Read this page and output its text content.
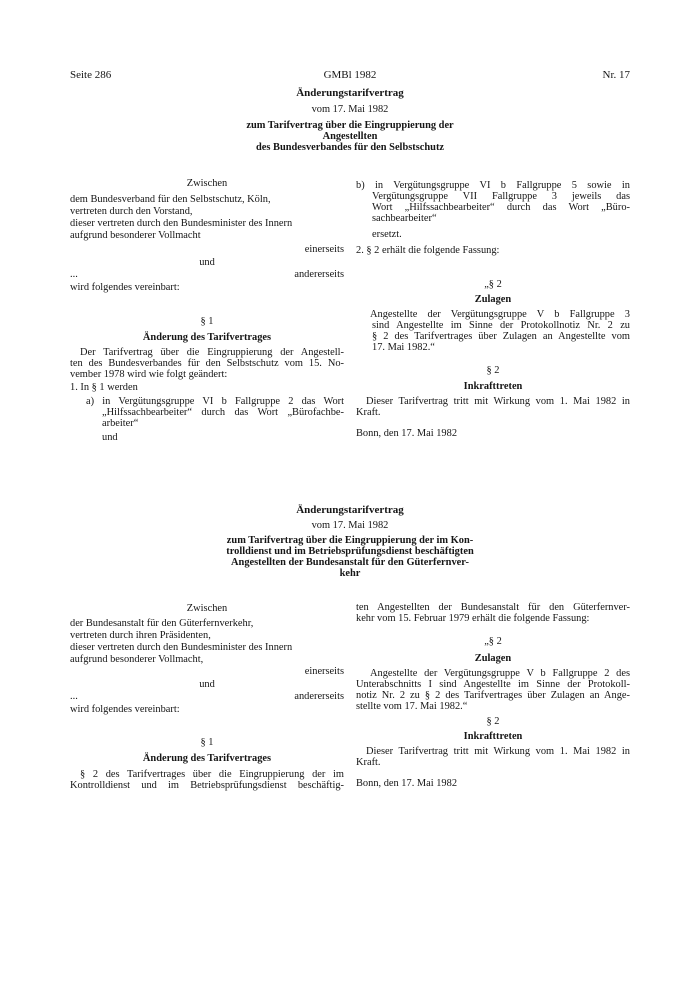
Seite 286	GMBl 1982	Nr. 17
Änderungstarifvertrag
vom 17. Mai 1982
zum Tarifvertrag über die Eingruppierung der
Angestellten
des Bundesverbandes für den Selbstschutz
Zwischen
dem Bundesverband für den Selbstschutz, Köln,
vertreten durch den Vorstand,
dieser vertreten durch den Bundesminister des Innern
aufgrund besonderer Vollmacht
einerseits
und
...	andererseits
wird folgendes vereinbart:
§ 1
Änderung des Tarifvertrages
Der Tarifvertrag über die Eingruppierung der Angestell-
ten des Bundesverbandes für den Selbstschutz vom 15. No-
vember 1978 wird wie folgt geändert:
1. In § 1 werden
a) in Vergütungsgruppe VI b Fallgruppe 2 das Wort
„Hilfssachbearbeiter“ durch das Wort „Bürofachbe-
arbeiter“
und
b) in Vergütungsgruppe VI b Fallgruppe 5 sowie in
Vergütungsgruppe VII Fallgruppe 3 jeweils das
Wort „Hilfssachbearbeiter“ durch das Wort „Büro-
sachbearbeiter“
ersetzt.
2. § 2 erhält die folgende Fassung:
„§ 2
Zulagen
Angestellte der Vergütungsgruppe V b Fallgruppe 3
sind Angestellte im Sinne der Protokollnotiz Nr. 2 zu
§ 2 des Tarifvertrages über Zulagen an Angestellte vom
17. Mai 1982.“
§ 2
Inkrafttreten
Dieser Tarifvertrag tritt mit Wirkung vom 1. Mai 1982 in
Kraft.
Bonn, den 17. Mai 1982
Änderungstarifvertrag
vom 17. Mai 1982
zum Tarifvertrag über die Eingruppierung der im Kon-
trolldienst und im Betriebsprüfungsdienst beschäftigten
Angestellten der Bundesanstalt für den Güterfernver-
kehr
Zwischen
der Bundesanstalt für den Güterfernverkehr,
vertreten durch ihren Präsidenten,
dieser vertreten durch den Bundesminister des Innern
aufgrund besonderer Vollmacht,
einerseits
und
...	andererseits
wird folgendes vereinbart:
§ 1
Änderung des Tarifvertrages
§ 2 des Tarifvertrages über die Eingruppierung der im
Kontrolldienst und im Betriebsprüfungsdienst beschäftig-
ten Angestellten der Bundesanstalt für den Güterfernver-
kehr vom 15. Februar 1979 erhält die folgende Fassung:
„§ 2
Zulagen
Angestellte der Vergütungsgruppe V b Fallgruppe 2 des
Unterabschnitts I sind Angestellte im Sinne der Protokoll-
notiz Nr. 2 zu § 2 des Tarifvertrages über Zulagen an Ange-
stellte vom 17. Mai 1982.“
§ 2
Inkrafttreten
Dieser Tarifvertrag tritt mit Wirkung vom 1. Mai 1982 in
Kraft.
Bonn, den 17. Mai 1982
